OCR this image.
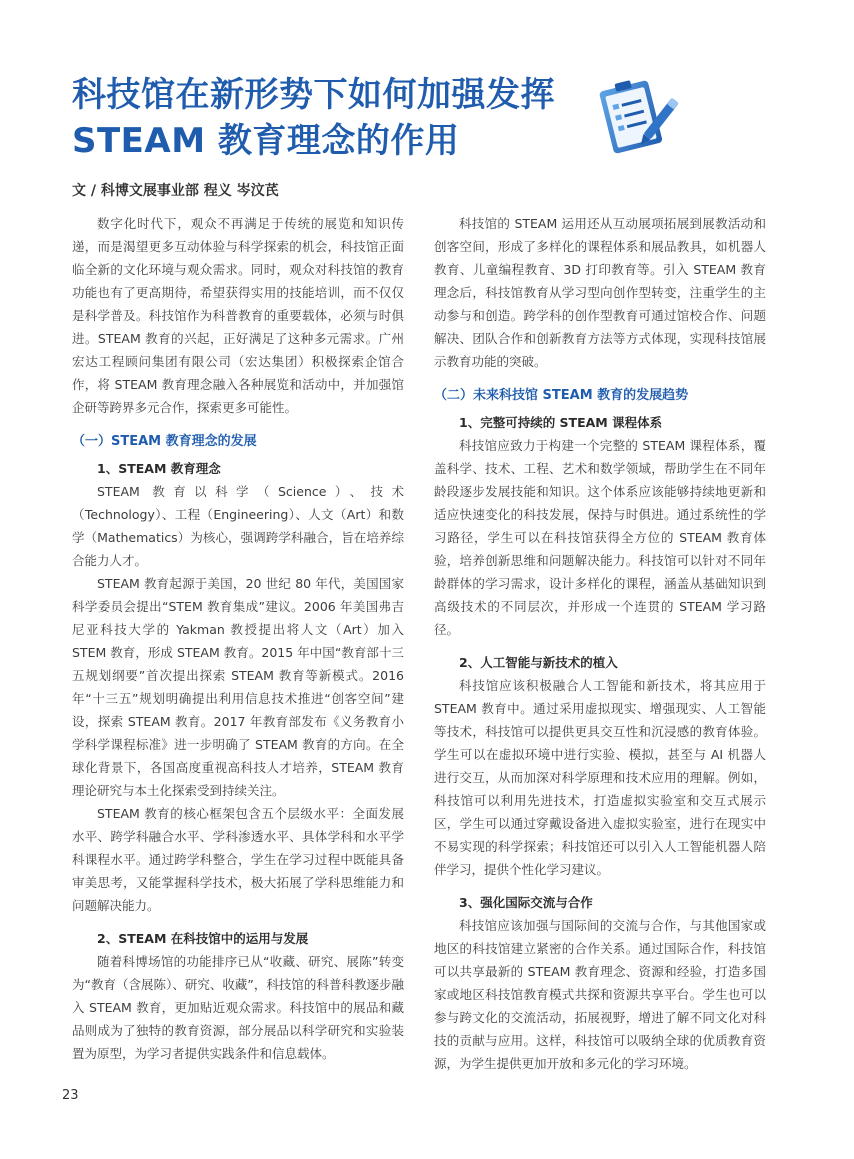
科技馆在新形势下如何加强发挥
STEAM 教育理念的作用
文 / 科博文展事业部 程义 岑汶芪

数字化时代下，观众不再满足于传统的展览和知识传递，而是渴望更多互动体验与科学探索的机会，科技馆正面临全新的文化环境与观众需求。同时，观众对科技馆的教育功能也有了更高期待，希望获得实用的技能培训，而不仅仅是科学普及。科技馆作为科普教育的重要载体，必须与时俱进。STEAM 教育的兴起，正好满足了这种多元需求。广州宏达工程顾问集团有限公司（宏达集团）积极探索企馆合作，将 STEAM 教育理念融入各种展览和活动中，并加强馆企研等跨界多元合作，探索更多可能性。

（一）STEAM 教育理念的发展

1、STEAM 教育理念

STEAM 教育以科学（Science）、技术（Technology）、工程（Engineering）、人文（Art）和数学（Mathematics）为核心，强调跨学科融合，旨在培养综合能力人才。

STEAM 教育起源于美国，20 世纪 80 年代，美国国家科学委员会提出“STEM 教育集成”建议。2006 年美国弗吉尼亚科技大学的 Yakman 教授提出将人文（Art）加入 STEM 教育，形成 STEAM 教育。2015 年中国“教育部十三五规划纲要”首次提出探索 STEAM 教育等新模式。2016 年“十三五”规划明确提出利用信息技术推进“创客空间”建设，探索 STEAM 教育。2017 年教育部发布《义务教育小学科学课程标准》进一步明确了 STEAM 教育的方向。在全球化背景下，各国高度重视高科技人才培养，STEAM 教育理论研究与本土化探索受到持续关注。

STEAM 教育的核心框架包含五个层级水平：全面发展水平、跨学科融合水平、学科渗透水平、具体学科和水平学科课程水平。通过跨学科整合，学生在学习过程中既能具备审美思考，又能掌握科学技术，极大拓展了学科思维能力和问题解决能力。

2、STEAM 在科技馆中的运用与发展

随着科博场馆的功能排序已从“收藏、研究、展陈”转变为“教育（含展陈）、研究、收藏”，科技馆的科普科教逐步融入 STEAM 教育，更加贴近观众需求。科技馆中的展品和藏品则成为了独特的教育资源，部分展品以科学研究和实验装置为原型，为学习者提供实践条件和信息载体。

科技馆的 STEAM 运用还从互动展项拓展到展教活动和创客空间，形成了多样化的课程体系和展品教具，如机器人教育、儿童编程教育、3D 打印教育等。引入 STEAM 教育理念后，科技馆教育从学习型向创作型转变，注重学生的主动参与和创造。跨学科的创作型教育可通过馆校合作、问题解决、团队合作和创新教育方法等方式体现，实现科技馆展示教育功能的突破。

（二）未来科技馆 STEAM 教育的发展趋势

1、完整可持续的 STEAM 课程体系

科技馆应致力于构建一个完整的 STEAM 课程体系，覆盖科学、技术、工程、艺术和数学领域，帮助学生在不同年龄段逐步发展技能和知识。这个体系应该能够持续地更新和适应快速变化的科技发展，保持与时俱进。通过系统性的学习路径，学生可以在科技馆获得全方位的 STEAM 教育体验，培养创新思维和问题解决能力。科技馆可以针对不同年龄群体的学习需求，设计多样化的课程，涵盖从基础知识到高级技术的不同层次，并形成一个连贯的 STEAM 学习路径。

2、人工智能与新技术的植入

科技馆应该积极融合人工智能和新技术，将其应用于 STEAM 教育中。通过采用虚拟现实、增强现实、人工智能等技术，科技馆可以提供更具交互性和沉浸感的教育体验。学生可以在虚拟环境中进行实验、模拟，甚至与 AI 机器人进行交互，从而加深对科学原理和技术应用的理解。例如，科技馆可以利用先进技术，打造虚拟实验室和交互式展示区，学生可以通过穿戴设备进入虚拟实验室，进行在现实中不易实现的科学探索；科技馆还可以引入人工智能机器人陪伴学习，提供个性化学习建议。

3、强化国际交流与合作

科技馆应该加强与国际间的交流与合作，与其他国家或地区的科技馆建立紧密的合作关系。通过国际合作，科技馆可以共享最新的 STEAM 教育理念、资源和经验，打造多国家或地区科技馆教育模式共探和资源共享平台。学生也可以参与跨文化的交流活动，拓展视野，增进了解不同文化对科技的贡献与应用。这样，科技馆可以吸纳全球的优质教育资源，为学生提供更加开放和多元化的学习环境。

23
